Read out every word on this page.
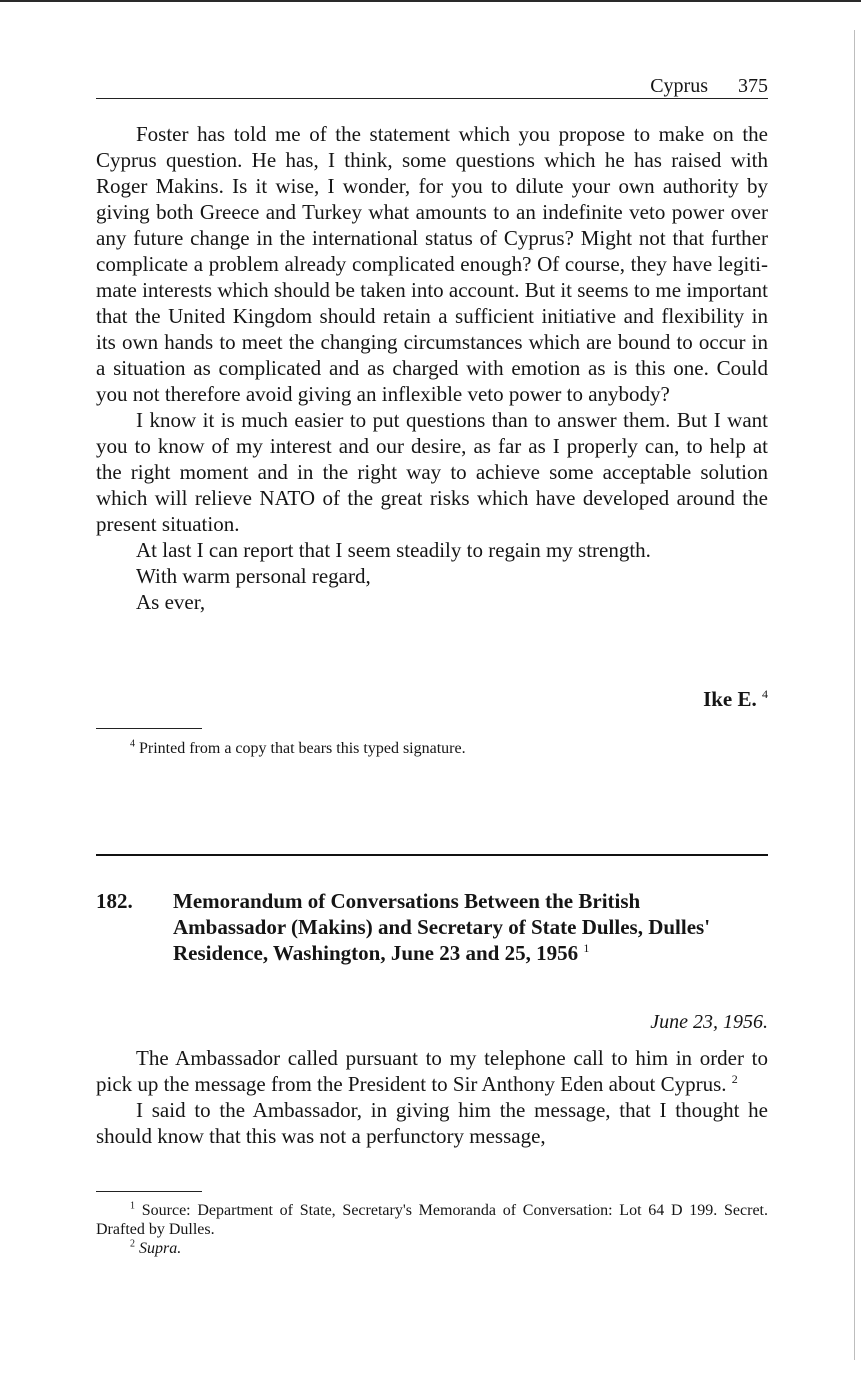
Cyprus 375

Foster has told me of the statement which you propose to make on the Cyprus question. He has, I think, some questions which he has raised with Roger Makins. Is it wise, I wonder, for you to dilute your own authority by giving both Greece and Turkey what amounts to an indefinite veto power over any future change in the international status of Cyprus? Might not that further complicate a problem already complicated enough? Of course, they have legiti-mate interests which should be taken into account. But it seems to me important that the United Kingdom should retain a sufficient initiative and flexibility in its own hands to meet the changing circumstances which are bound to occur in a situation as complicated and as charged with emotion as is this one. Could you not therefore avoid giving an inflexible veto power to anybody?

I know it is much easier to put questions than to answer them. But I want you to know of my interest and our desire, as far as I properly can, to help at the right moment and in the right way to achieve some acceptable solution which will relieve NATO of the great risks which have developed around the present situation.

At last I can report that I seem steadily to regain my strength.

With warm personal regard,

As ever,

Ike E. $^4$

$^4$ Printed from a copy that bears this typed signature.

182. Memorandum of Conversations Between the British Ambassador (Makins) and Secretary of State Dulles, Dulles' Residence, Washington, June 23 and 25, 1956 $^1$
June 23, 1956.

The Ambassador called pursuant to my telephone call to him in order to pick up the message from the President to Sir Anthony Eden about Cyprus. $^2$

I said to the Ambassador, in giving him the message, that I thought he should know that this was not a perfunctory message,

$^1$ Source: Department of State, Secretary's Memoranda of Conversation: Lot 64 D 199. Secret. Drafted by Dulles.

$^2$ Supra.
